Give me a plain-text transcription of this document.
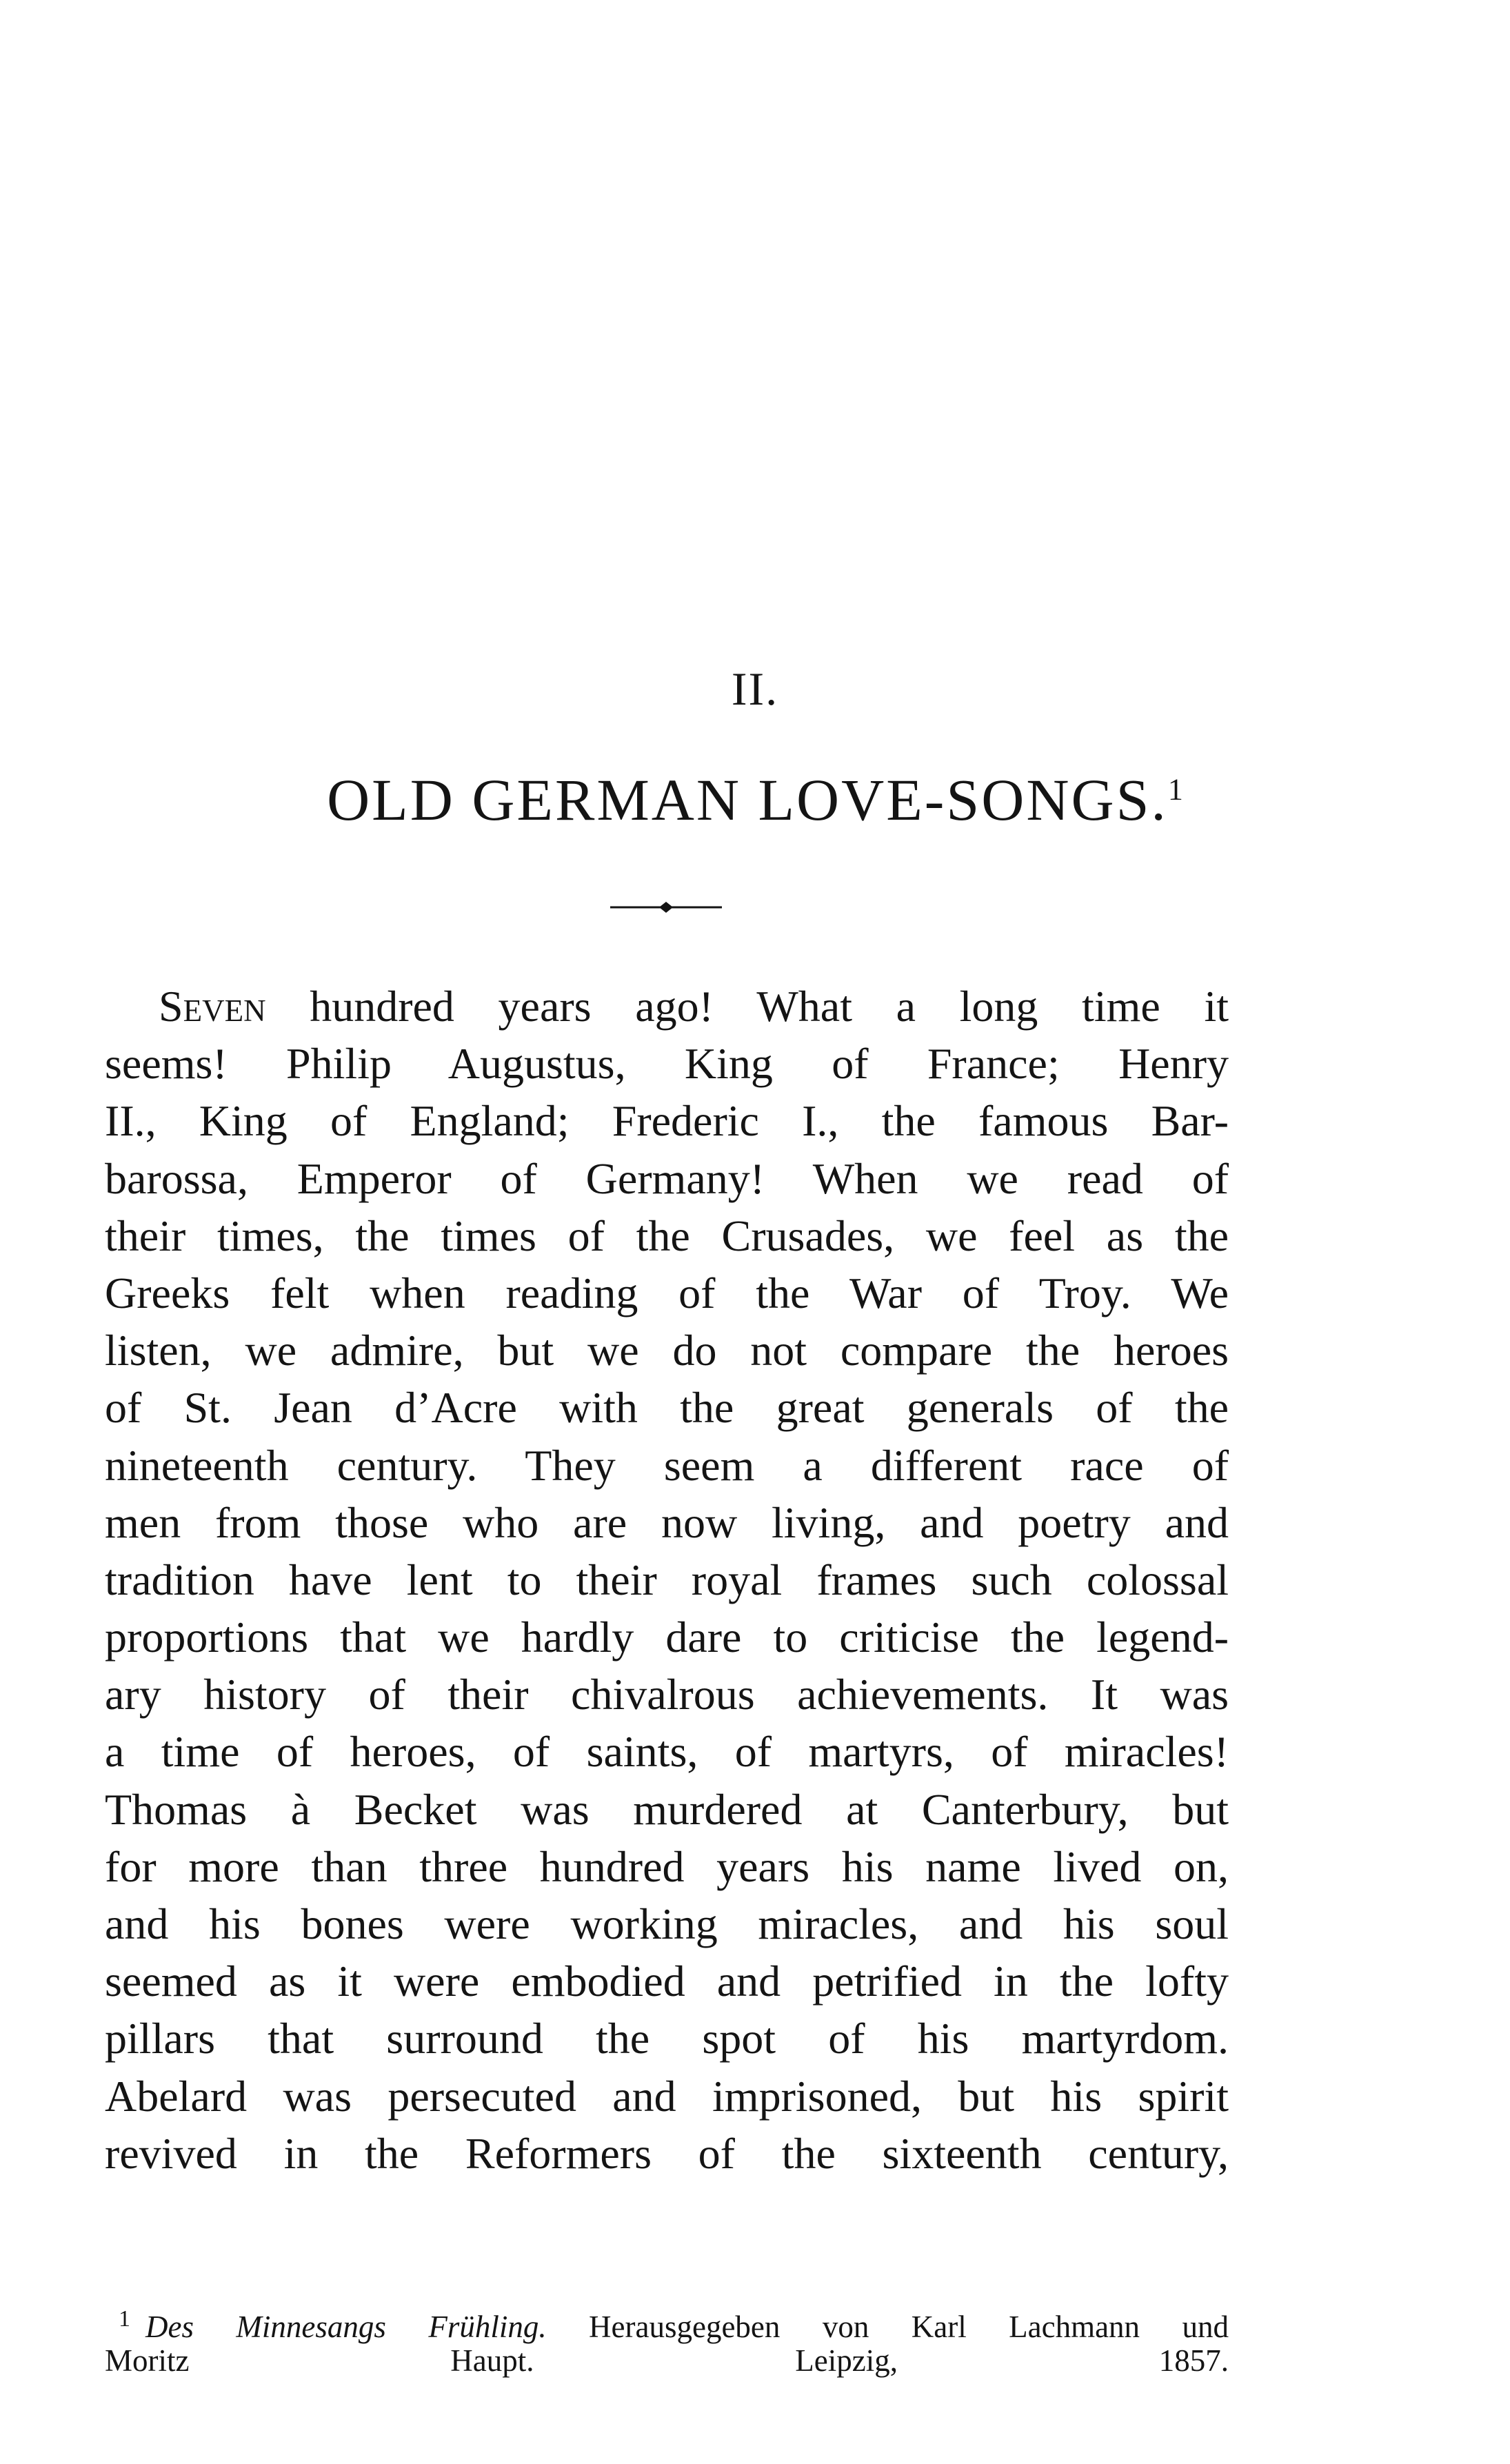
II.
OLD GERMAN LOVE-SONGS.$^1$
Seven hundred years ago! What a long time it
seems! Philip Augustus, King of France; Henry
II., King of England; Frederic I., the famous Bar-
barossa, Emperor of Germany! When we read of
their times, the times of the Crusades, we feel as the
Greeks felt when reading of the War of Troy. We
listen, we admire, but we do not compare the heroes
of St. Jean d’Acre with the great generals of the
nineteenth century. They seem a different race of
men from those who are now living, and poetry and
tradition have lent to their royal frames such colossal
proportions that we hardly dare to criticise the legend-
ary history of their chivalrous achievements. It was
a time of heroes, of saints, of martyrs, of miracles!
Thomas à Becket was murdered at Canterbury, but
for more than three hundred years his name lived on,
and his bones were working miracles, and his soul
seemed as it were embodied and petrified in the lofty
pillars that surround the spot of his martyrdom.
Abelard was persecuted and imprisoned, but his spirit
revived in the Reformers of the sixteenth century,
$^1$ Des Minnesangs Frühling. Herausgegeben von Karl Lachmann und
Moritz Haupt. Leipzig, 1857.
